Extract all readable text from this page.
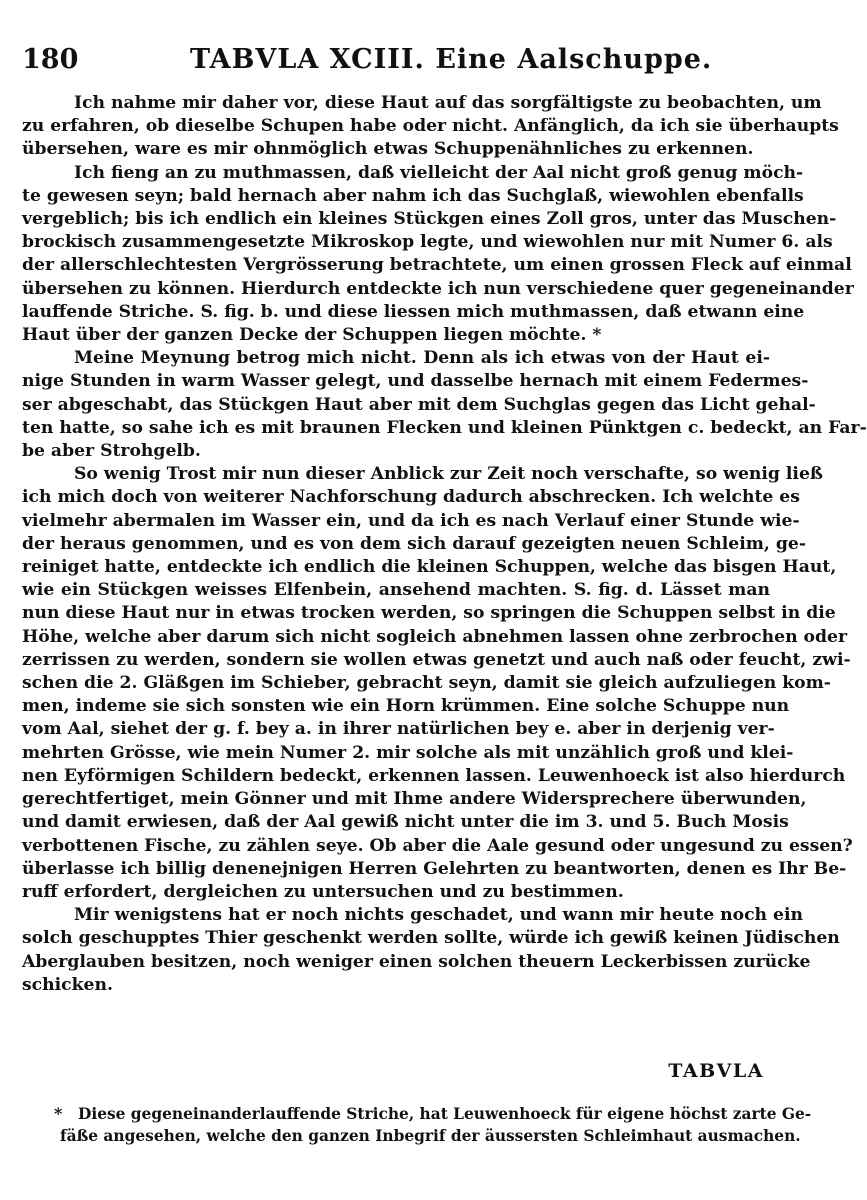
180	TABVLA XCIII. Eine Aalschuppe.
Ich nahme mir daher vor, diese Haut auf das sorgfältigste zu beobachten, um
zu erfahren, ob dieselbe Schupen habe oder nicht. Anfänglich, da ich sie überhaupts
übersehen, ware es mir ohnmöglich etwas Schuppenähnliches zu erkennen.
Ich fieng an zu muthmassen, daß vielleicht der Aal nicht groß genug möch-
te gewesen seyn; bald hernach aber nahm ich das Suchglaß, wiewohlen ebenfalls
vergeblich; bis ich endlich ein kleines Stückgen eines Zoll gros, unter das Muschen-
brockisch zusammengesetzte Mikroskop legte, und wiewohlen nur mit Numer 6. als
der allerschlechtesten Vergrösserung betrachtete, um einen grossen Fleck auf einmal
übersehen zu können. Hierdurch entdeckte ich nun verschiedene quer gegeneinander
lauffende Striche. S. fig. b. und diese liessen mich muthmassen, daß etwann eine
Haut über der ganzen Decke der Schuppen liegen möchte. *
Meine Meynung betrog mich nicht. Denn als ich etwas von der Haut ei-
nige Stunden in warm Wasser gelegt, und dasselbe hernach mit einem Federmes-
ser abgeschabt, das Stückgen Haut aber mit dem Suchglas gegen das Licht gehal-
ten hatte, so sahe ich es mit braunen Flecken und kleinen Pünktgen c. bedeckt, an Far-
be aber Strohgelb.
So wenig Trost mir nun dieser Anblick zur Zeit noch verschafte, so wenig ließ
ich mich doch von weiterer Nachforschung dadurch abschrecken. Ich welchte es
vielmehr abermalen im Wasser ein, und da ich es nach Verlauf einer Stunde wie-
der heraus genommen, und es von dem sich darauf gezeigten neuen Schleim, ge-
reiniget hatte, entdeckte ich endlich die kleinen Schuppen, welche das bisgen Haut,
wie ein Stückgen weisses Elfenbein, ansehend machten. S. fig. d. Lässet man
nun diese Haut nur in etwas trocken werden, so springen die Schuppen selbst in die
Höhe, welche aber darum sich nicht sogleich abnehmen lassen ohne zerbrochen oder
zerrissen zu werden, sondern sie wollen etwas genetzt und auch naß oder feucht, zwi-
schen die 2. Gläßgen im Schieber, gebracht seyn, damit sie gleich aufzuliegen kom-
men, indeme sie sich sonsten wie ein Horn krümmen. Eine solche Schuppe nun
vom Aal, siehet der g. f. bey a. in ihrer natürlichen bey e. aber in derjenig ver-
mehrten Grösse, wie mein Numer 2. mir solche als mit unzählich groß und klei-
nen Eyförmigen Schildern bedeckt, erkennen lassen. Leuwenhoeck ist also hierdurch
gerechtfertiget, mein Gönner und mit Ihme andere Widersprechere überwunden,
und damit erwiesen, daß der Aal gewiß nicht unter die im 3. und 5. Buch Mosis
verbottenen Fische, zu zählen seye. Ob aber die Aale gesund oder ungesund zu essen?
überlasse ich billig denenejnigen Herren Gelehrten zu beantworten, denen es Ihr Be-
ruff erfordert, dergleichen zu untersuchen und zu bestimmen.
Mir wenigstens hat er noch nichts geschadet, und wann mir heute noch ein
solch geschupptes Thier geschenkt werden sollte, würde ich gewiß keinen Jüdischen
Aberglauben besitzen, noch weniger einen solchen theuern Leckerbissen zurücke
schicken.
TABVLA
*	Diese gegeneinanderlauffende Striche, hat Leuwenhoeck für eigene höchst zarte Ge-
fäße angesehen, welche den ganzen Inbegrif der äussersten Schleimhaut ausmachen.
